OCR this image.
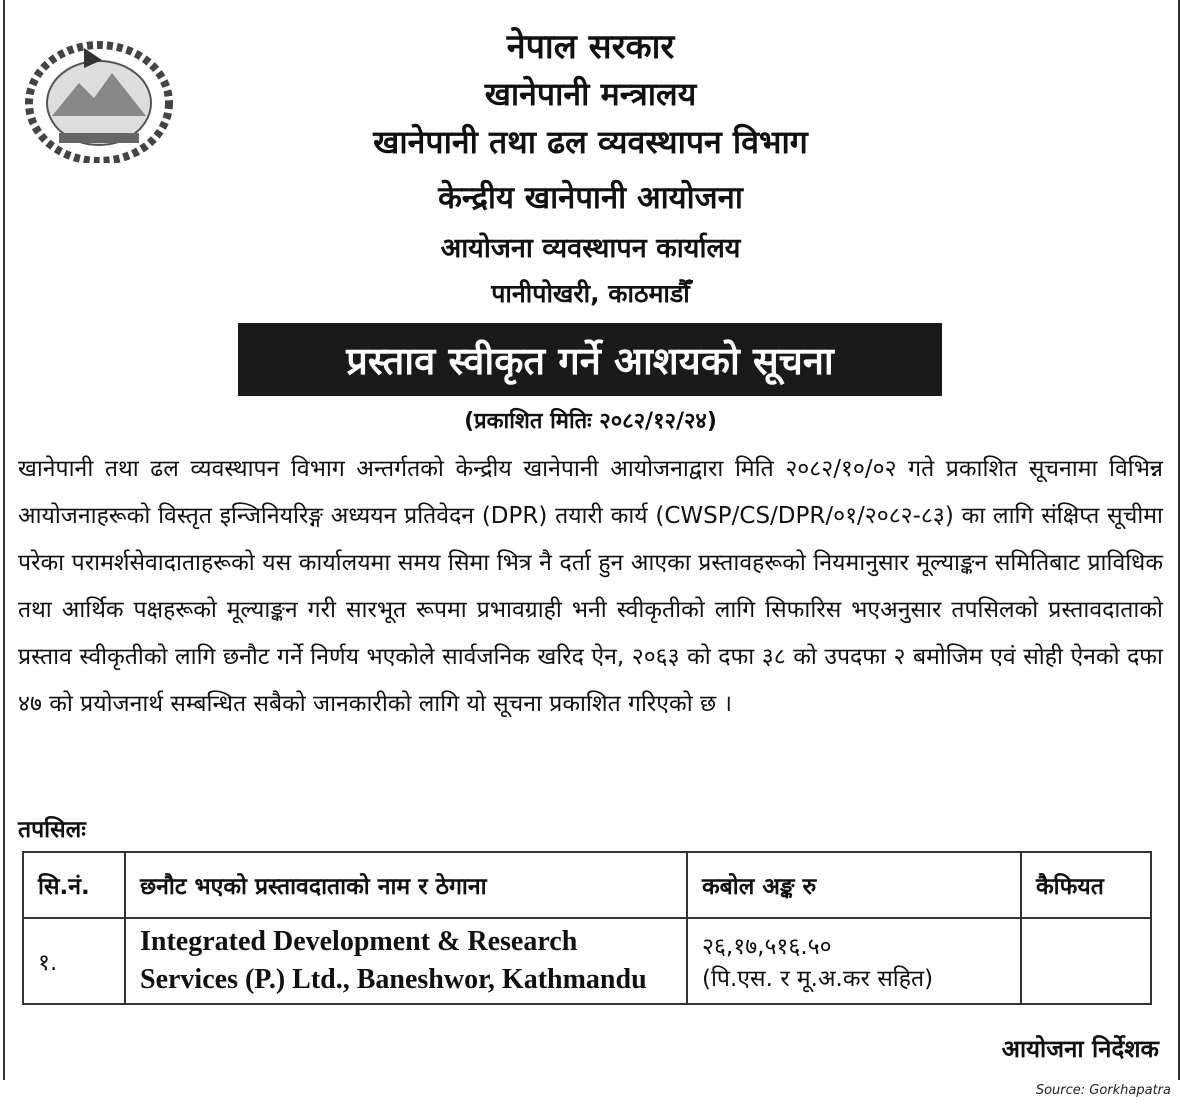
नेपाल सरकार
खानेपानी मन्त्रालय
खानेपानी तथा ढल व्यवस्थापन विभाग
केन्द्रीय खानेपानी आयोजना
आयोजना व्यवस्थापन कार्यालय
पानीपोखरी, काठमाडौँ
प्रस्ताव स्वीकृत गर्ने आशयको सूचना
(प्रकाशित मितिः २०८२/१२/२४)
खानेपानी तथा ढल व्यवस्थापन विभाग अन्तर्गतको केन्द्रीय खानेपानी आयोजनाद्वारा मिति २०८२/१०/०२ गते प्रकाशित सूचनामा विभिन्न आयोजनाहरूको विस्तृत इन्जिनियरिङ्ग अध्ययन प्रतिवेदन (DPR) तयारी कार्य (CWSP/CS/DPR/०१/२०८२-८३) का लागि संक्षिप्त सूचीमा परेका परामर्शसेवादाताहरूको यस कार्यालयमा समय सिमा भित्र नै दर्ता हुन आएका प्रस्तावहरूको नियमानुसार मूल्याङ्कन समितिबाट प्राविधिक तथा आर्थिक पक्षहरूको मूल्याङ्कन गरी सारभूत रूपमा प्रभावग्राही भनी स्वीकृतीको लागि सिफारिस भएअनुसार तपसिलको प्रस्तावदाताको प्रस्ताव स्वीकृतीको लागि छनौट गर्ने निर्णय भएकोले सार्वजनिक खरिद ऐन, २०६३ को दफा ३८ को उपदफा २ बमोजिम एवं सोही ऐनको दफा ४७ को प्रयोजनार्थ सम्बन्धित सबैको जानकारीको लागि यो सूचना प्रकाशित गरिएको छ ।
तपसिलः
सि.नं.	छनौट भएको प्रस्तावदाताको नाम र ठेगाना	कबोल अङ्क रु	कैफियत
१.	Integrated Development & Research Services (P.) Ltd., Baneshwor, Kathmandu	२६,१७,५१६.५०
(पि.एस. र मू.अ.कर सहित)	

आयोजना निर्देशक
Source: Gorkhapatra
